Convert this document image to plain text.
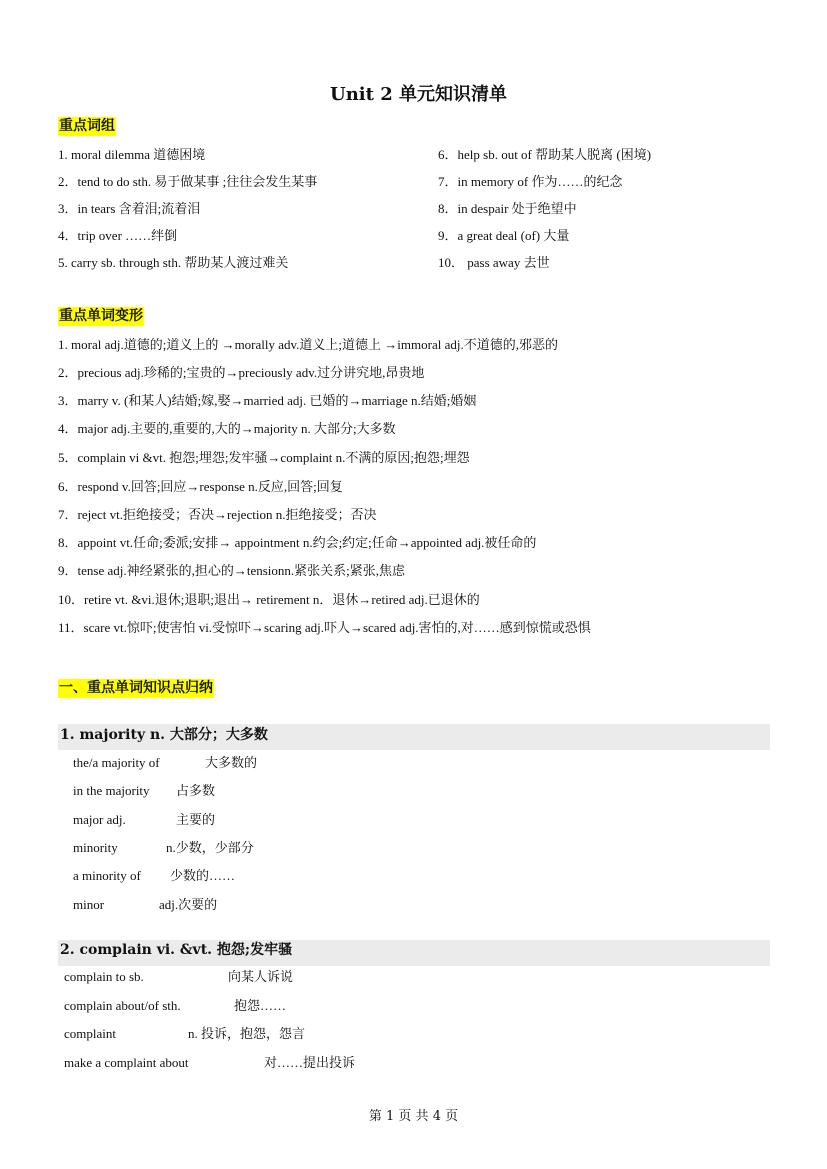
Unit 2 单元知识清单
重点词组
1. moral dilemma 道德困境
2．tend to do sth. 易于做某事 ;往往会发生某事
3．in tears 含着泪;流着泪
4．trip over ……绊倒
5. carry sb. through sth. 帮助某人渡过难关
6．help sb. out of 帮助某人脱离 (困境)
7．in memory of 作为……的纪念
8．in despair 处于绝望中
9．a great deal (of) 大量
10． pass away 去世
重点单词变形
1. moral adj.道德的;道义上的 →morally adv.道义上;道德上 →immoral adj.不道德的,邪恶的
2．precious adj.珍稀的;宝贵的→preciously adv.过分讲究地,昂贵地
3．marry v. (和某人)结婚;嫁,娶→married adj. 已婚的→marriage n.结婚;婚姻
4．major adj.主要的,重要的,大的→majority n. 大部分;大多数
5．complain vi &vt. 抱怨;埋怨;发牢骚→complaint n.不满的原因;抱怨;埋怨
6．respond v.回答;回应→response n.反应,回答;回复
7．reject vt.拒绝接受；否决→rejection n.拒绝接受；否决
8．appoint vt.任命;委派;安排→ appointment n.约会;约定;任命→appointed adj.被任命的
9．tense adj.神经紧张的,担心的→tensionn.紧张关系;紧张,焦虑
10．retire vt. &vi.退休;退职;退出→ retirement n．退休→retired adj.已退休的
11．scare vt.惊吓;使害怕 vi.受惊吓→scaring adj.吓人→scared adj.害怕的,对……感到惊慌或恐惧
一、重点单词知识点归纳
1. majority n. 大部分；大多数
the/a majority of	大多数的
in the majority 占多数
major adj.	主要的
minority	n.少数，少部分
a minority of 少数的……
minor	adj.次要的
2. complain vi. &vt. 抱怨;发牢骚
complain to sb.	向某人诉说
complain about/of sth.	抱怨……
complaint	n. 投诉，抱怨，怨言
make a complaint about	对……提出投诉
第 1 页 共 4 页
